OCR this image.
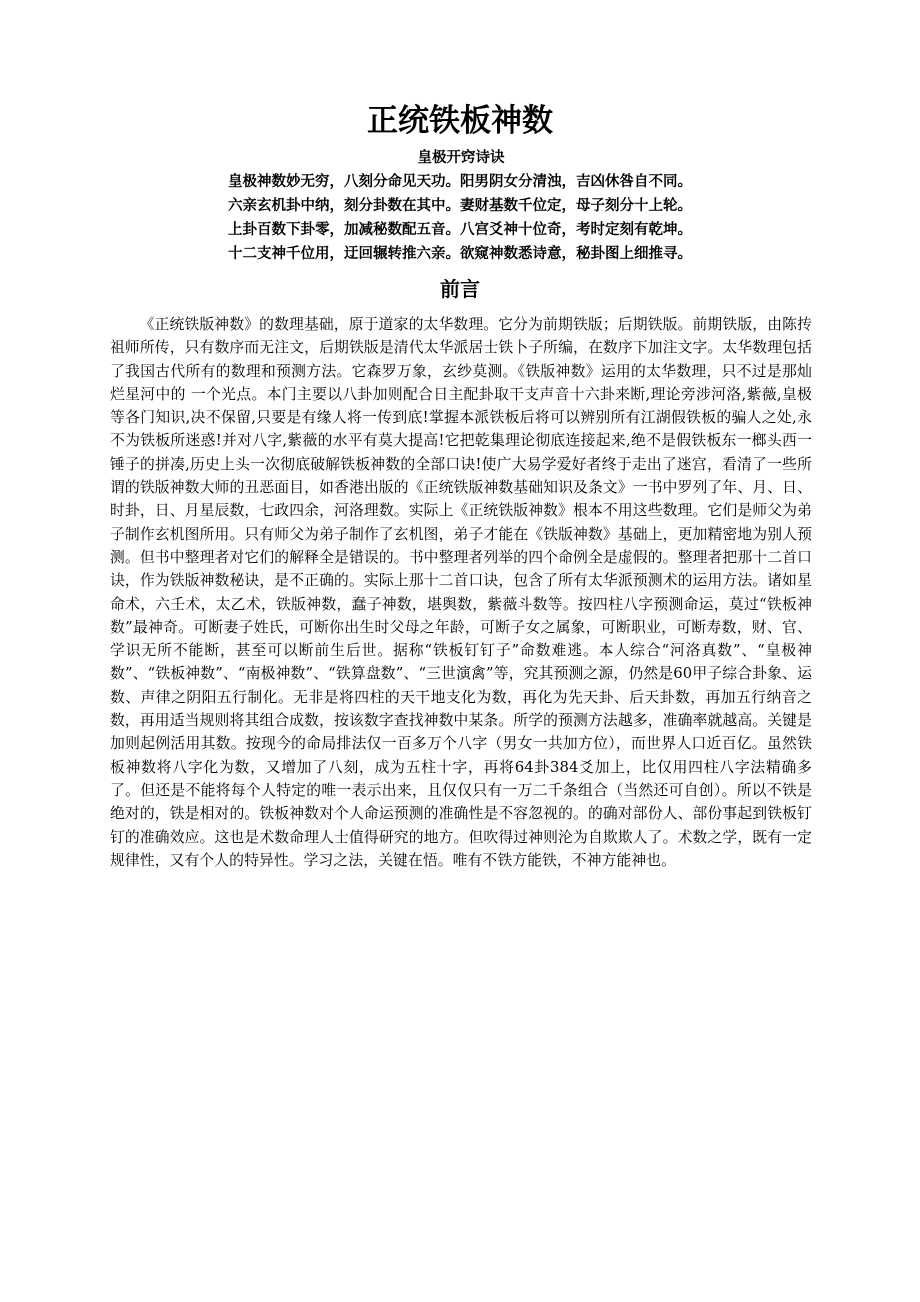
正统铁板神数
皇极开窍诗诀
皇极神数妙无穷，八刻分命见天功。阳男阴女分清浊，吉凶休咎自不同。
六亲玄机卦中纳，刻分卦数在其中。妻财基数千位定，母子刻分十上轮。
上卦百数下卦零，加减秘数配五音。八宫爻神十位奇，考时定刻有乾坤。
十二支神千位用，迂回辗转推六亲。欲窥神数悉诗意，秘卦图上细推寻。
前言

《正统铁版神数》的数理基础，原于道家的太华数理。它分为前期铁版；后期铁版。前期铁版，由陈抟祖师所传，只有数序而无注文，后期铁版是清代太华派居士铁卜子所编，在数序下加注文字。太华数理包括了我国古代所有的数理和预测方法。它森罗万象，玄纱莫测。《铁版神数》运用的太华数理，只不过是那灿烂星河中的 一个光点。本门主要以八卦加则配合日主配卦取干支声音十六卦来断,理论旁涉河洛,紫薇,皇极等各门知识,决不保留,只要是有缘人将一传到底!掌握本派铁板后将可以辨别所有江湖假铁板的骗人之处,永不为铁板所迷惑!并对八字,紫薇的水平有莫大提高!它把乾集理论彻底连接起来,绝不是假铁板东一榔头西一锤子的拼凑,历史上头一次彻底破解铁板神数的全部口诀!使广大易学爱好者终于走出了迷宫，看清了一些所谓的铁版神数大师的丑恶面目，如香港出版的《正统铁版神数基础知识及条文》一书中罗列了年、月、日、时卦，日、月星辰数，七政四余，河洛理数。实际上《正统铁版神数》根本不用这些数理。它们是师父为弟子制作玄机图所用。只有师父为弟子制作了玄机图，弟子才能在《铁版神数》基础上，更加精密地为别人预测。但书中整理者对它们的解释全是错误的。书中整理者列举的四个命例全是虚假的。整理者把那十二首口诀，作为铁版神数秘诀，是不正确的。实际上那十二首口诀，包含了所有太华派预测术的运用方法。诸如星命术，六壬术，太乙术，铁版神数，蠢子神数，堪舆数，紫薇斗数等。按四柱八字预测命运，莫过“铁板神数”最神奇。可断妻子姓氏，可断你出生时父母之年龄，可断子女之属象，可断职业，可断寿数，财、官、学识无所不能断，甚至可以断前生后世。据称“铁板钉钉子”命数难逃。本人综合“河洛真数”、“皇极神数”、“铁板神数”、“南极神数”、“铁算盘数”、“三世演禽”等，究其预测之源，仍然是60甲子综合卦象、运数、声律之阴阳五行制化。无非是将四柱的天干地支化为数，再化为先天卦、后天卦数，再加五行纳音之数，再用适当规则将其组合成数，按该数字查找神数中某条。所学的预测方法越多，准确率就越高。关键是加则起例活用其数。按现今的命局排法仅一百多万个八字（男女一共加方位），而世界人口近百亿。虽然铁板神数将八字化为数，又增加了八刻，成为五柱十字，再将64卦384爻加上，比仅用四柱八字法精确多了。但还是不能将每个人特定的唯一表示出来，且仅仅只有一万二千条组合（当然还可自创）。所以不铁是绝对的，铁是相对的。铁板神数对个人命运预测的准确性是不容忽视的。的确对部份人、部份事起到铁板钉钉的准确效应。这也是术数命理人士值得研究的地方。但吹得过神则沦为自欺欺人了。术数之学，既有一定规律性，又有个人的特异性。学习之法，关键在悟。唯有不铁方能铁，不神方能神也。
